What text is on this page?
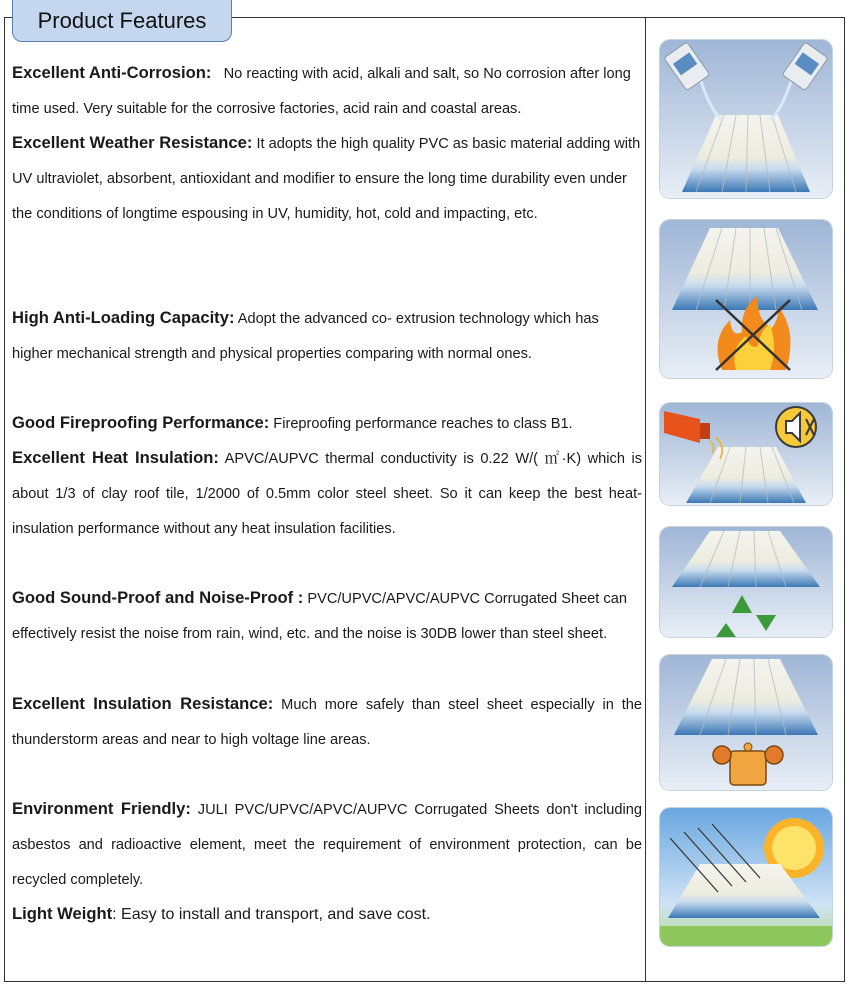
Product Features
Excellent Anti-Corrosion: No reacting with acid, alkali and salt, so No corrosion after long time used. Very suitable for the corrosive factories, acid rain and coastal areas.
Excellent Weather Resistance: It adopts the high quality PVC as basic material adding with UV ultraviolet, absorbent, antioxidant and modifier to ensure the long time durability even under the conditions of longtime espousing in UV, humidity, hot, cold and impacting, etc.
High Anti-Loading Capacity: Adopt the advanced co- extrusion technology which has higher mechanical strength and physical properties comparing with normal ones.
Good Fireproofing Performance: Fireproofing performance reaches to class B1.
Excellent Heat Insulation: APVC/AUPVC thermal conductivity is 0.22 W/( ㎡·K) which is about 1/3 of clay roof tile, 1/2000 of 0.5mm color steel sheet. So it can keep the best heat-insulation performance without any heat insulation facilities.
Good Sound-Proof and Noise-Proof : PVC/UPVC/APVC/AUPVC Corrugated Sheet can effectively resist the noise from rain, wind, etc. and the noise is 30DB lower than steel sheet.
Excellent Insulation Resistance: Much more safely than steel sheet especially in the thunderstorm areas and near to high voltage line areas.
Environment Friendly: JULI PVC/UPVC/APVC/AUPVC Corrugated Sheets don't including asbestos and radioactive element, meet the requirement of environment protection, can be recycled completely.
Light Weight: Easy to install and transport, and save cost.
